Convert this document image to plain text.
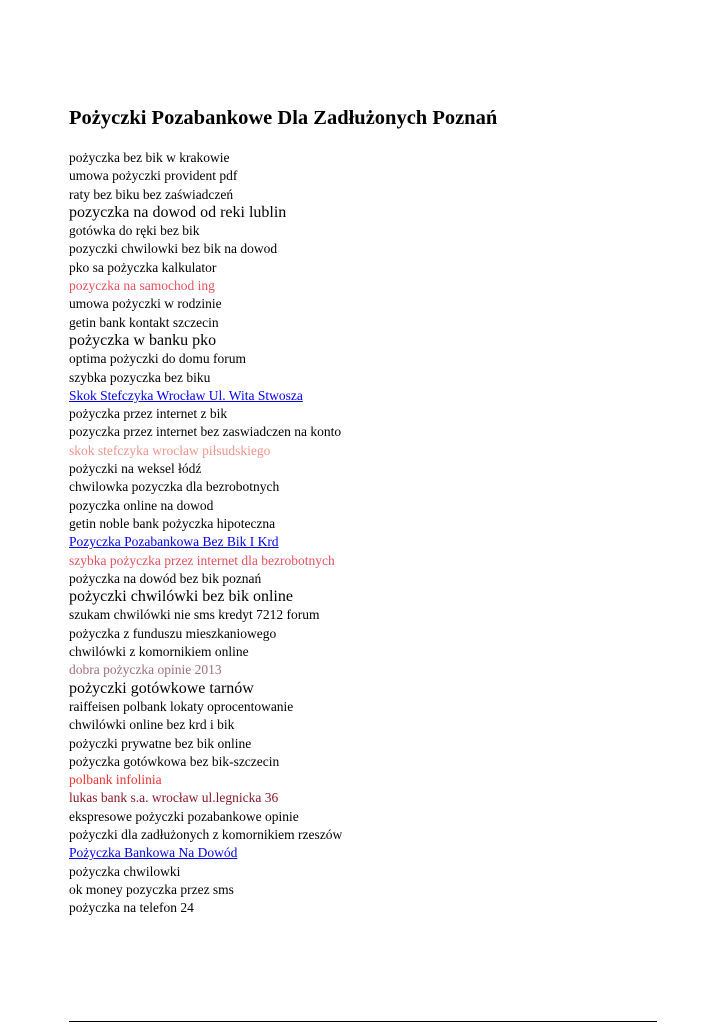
Pożyczki Pozabankowe Dla Zadłużonych Poznań
pożyczka bez bik w krakowie
umowa pożyczki provident pdf
raty bez biku bez zaświadczeń
pozyczka na dowod od reki lublin
gotówka do ręki bez bik
pozyczki chwilowki bez bik na dowod
pko sa pożyczka kalkulator
pozyczka na samochod ing
umowa pożyczki w rodzinie
getin bank kontakt szczecin
pożyczka w banku pko
optima pożyczki do domu forum
szybka pozyczka bez biku
Skok Stefczyka Wrocław Ul. Wita Stwosza
pożyczka przez internet z bik
pozyczka przez internet bez zaswiadczen na konto
skok stefczyka wrocław piłsudskiego
pożyczki na weksel łódź
chwilowka pozyczka dla bezrobotnych
pozyczka online na dowod
getin noble bank pożyczka hipoteczna
Pozyczka Pozabankowa Bez Bik I Krd
szybka pożyczka przez internet dla bezrobotnych
pożyczka na dowód bez bik poznań
pożyczki chwilówki bez bik online
szukam chwilówki nie sms kredyt 7212 forum
pożyczka z funduszu mieszkaniowego
chwilówki z komornikiem online
dobra pożyczka opinie 2013
pożyczki gotówkowe tarnów
raiffeisen polbank lokaty oprocentowanie
chwilówki online bez krd i bik
pożyczki prywatne bez bik online
pożyczka gotówkowa bez bik-szczecin
polbank infolinia
lukas bank s.a. wrocław ul.legnicka 36
ekspresowe pożyczki pozabankowe opinie
pożyczki dla zadłużonych z komornikiem rzeszów
Pożyczka Bankowa Na Dowód
pożyczka chwilowki
ok money pozyczka przez sms
pożyczka na telefon 24
